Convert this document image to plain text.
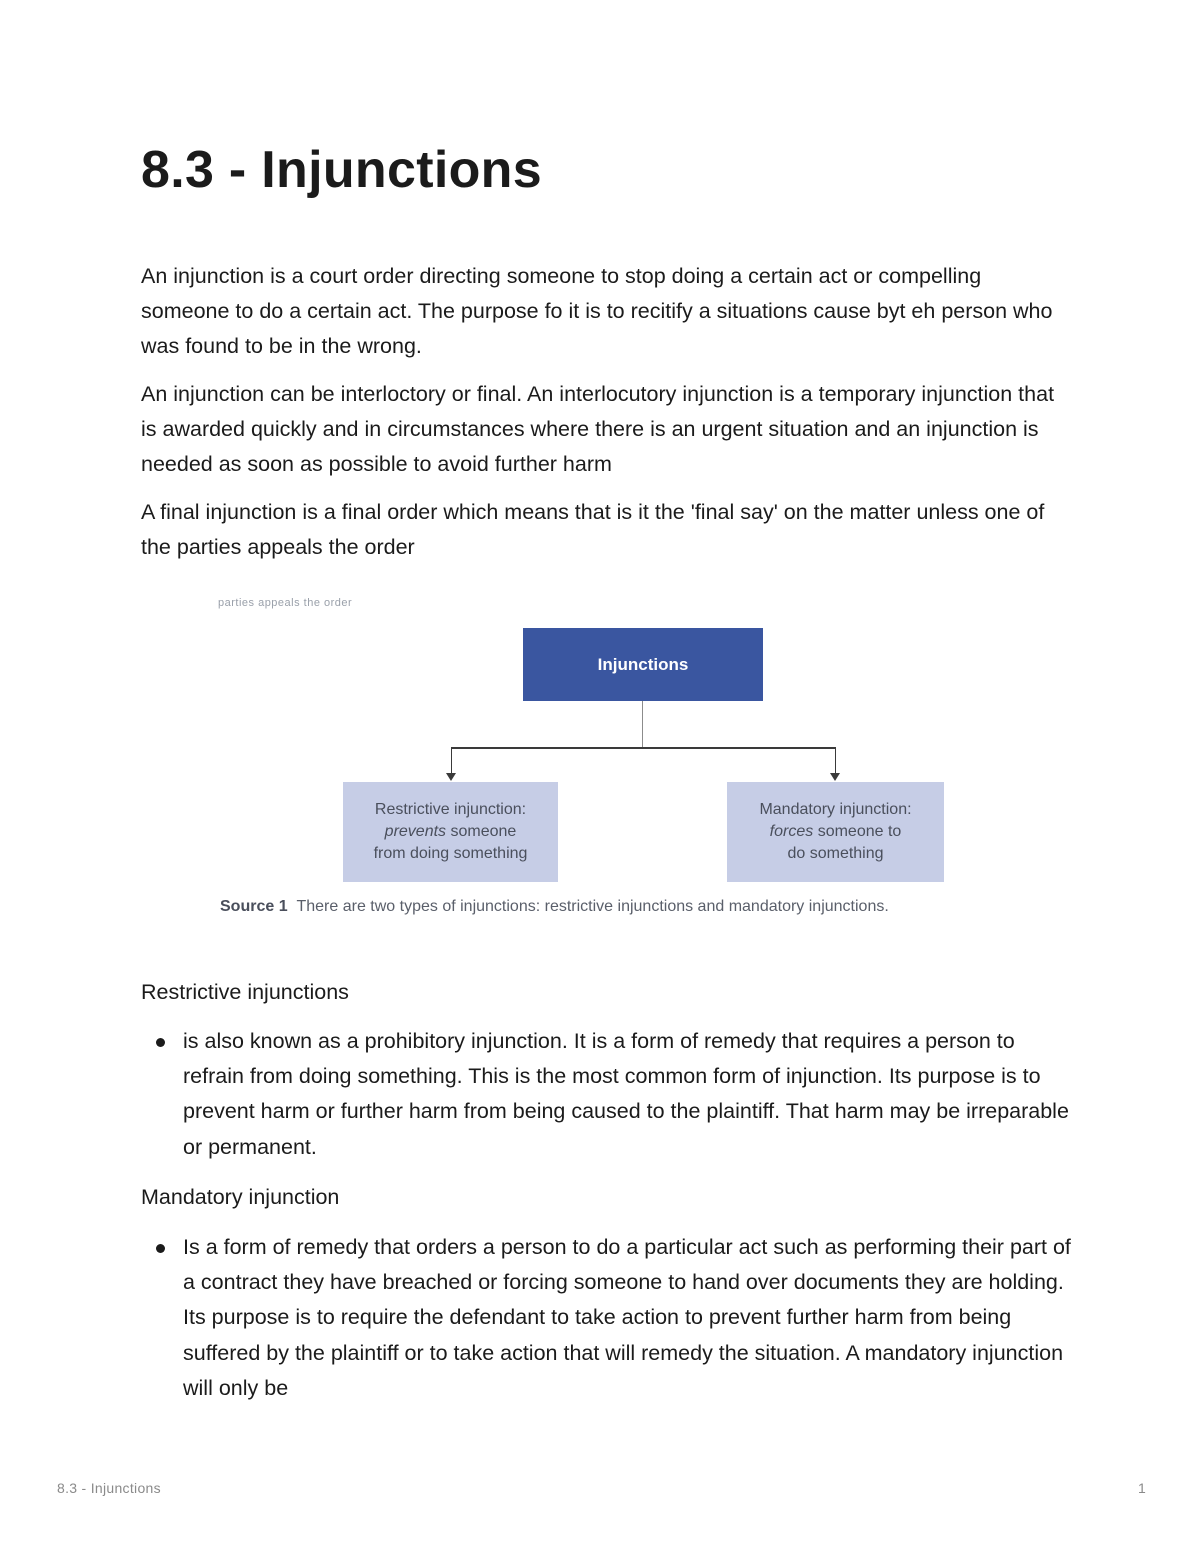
8.3 - Injunctions

An injunction is a court order directing someone to stop doing a certain act or compelling someone to do a certain act. The purpose fo it is to recitify a situations cause byt eh person who was found to be in the wrong.

An injunction can be interloctory or final. An interlocutory injunction is a temporary injunction that is awarded quickly and in circumstances where there is an urgent situation and an injunction is needed as soon as possible to avoid further harm

A final injunction is a final order which means that is it the 'final say' on the matter unless one of the parties appeals the order

parties appeals the order
Injunctions
Restrictive injunction:
prevents someone
from doing something
Mandatory injunction:
forces someone to
do something
Source 1 There are two types of injunctions: restrictive injunctions and mandatory injunctions.
Restrictive injunctions
is also known as a prohibitory injunction. It is a form of remedy that requires a person to refrain from doing something. This is the most common form of injunction. Its purpose is to prevent harm or further harm from being caused to the plaintiff. That harm may be irreparable or permanent.
Mandatory injunction
Is a form of remedy that orders a person to do a particular act such as performing their part of a contract they have breached or forcing someone to hand over documents they are holding. Its purpose is to require the defendant to take action to prevent further harm from being suffered by the plaintiff or to take action that will remedy the situation. A mandatory injunction will only be
8.3 - Injunctions	1
